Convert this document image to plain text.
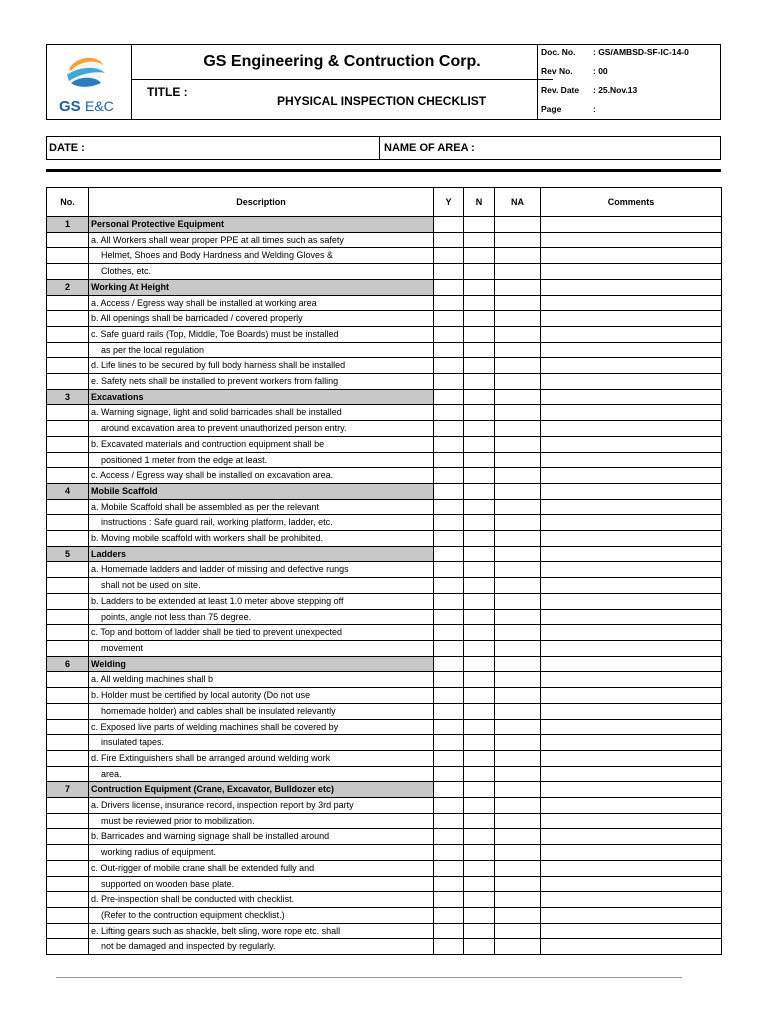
GS E&C
GS Engineering & Contruction Corp.
TITLE :
PHYSICAL INSPECTION CHECKLIST
Doc. No. : GS/AMBSD-SF-IC-14-0
Rev No. : 00
Rev. Date : 25.Nov.13
Page	:
DATE :	NAME OF AREA :
No.	Description	Y	N	NA	Comments
1	Personal Protective Equipment				
	a. All Workers shall wear proper PPE at all times such as safety				
	Helmet, Shoes and Body Hardness and Welding Gloves &				
	Clothes, etc.				
2	Working At Height				
	a. Access / Egress way shall be installed at working area				
	b. All openings shall be barricaded / covered properly				
	c. Safe guard rails (Top, Middle, Toe Boards) must be installed				
	as per the local regulation				
	d. Life lines to be secured by full body harness shall be installed				
	e. Safety nets shall be installed to prevent workers from falling				
3	Excavations				
	a. Warning signage, light and solid barricades shall be installed				
	around excavation area to prevent unauthorized person entry.				
	b. Excavated materials and contruction equipment shall be				
	positioned 1 meter from the edge at least.				
	c. Access / Egress way shall be installed on excavation area.				
4	Mobile Scaffold				
	a. Mobile Scaffold shall be assembled as per the relevant				
	instructions : Safe guard rail, working platform, ladder, etc.				
	b. Moving mobile scaffold with workers shall be prohibited.				
5	Ladders				
	a. Homemade ladders and ladder of missing and defective rungs				
	shall not be used on site.				
	b. Ladders to be extended at least 1.0 meter above stepping off				
	points, angle not less than 75 degree.				
	c. Top and bottom of ladder shall be tied to prevent unexpected				
	movement				
6	Welding				
	a. All welding machines shall b				
	b. Holder must be certified by local autority (Do not use				
	homemade holder) and cables shall be insulated relevantly				
	c. Exposed live parts of welding machines shall be covered by				
	insulated tapes.				
	d. Fire Extinguishers shall be arranged around welding work				
	area.				
7	Contruction Equipment (Crane, Excavator, Bulldozer etc)				
	a. Drivers license, insurance record, inspection report by 3rd party				
	must be reviewed prior to mobilization.				
	b. Barricades and warning signage shall be installed around				
	working radius of equipment.				
	c. Out-rigger of mobile crane shall be extended fully and				
	supported on wooden base plate.				
	d. Pre-inspection shall be conducted with checklist.				
	(Refer to the contruction equipment checklist.)				
	e. Lifting gears such as shackle, belt sling, wore rope etc. shall				
	not be damaged and inspected by regularly.				
